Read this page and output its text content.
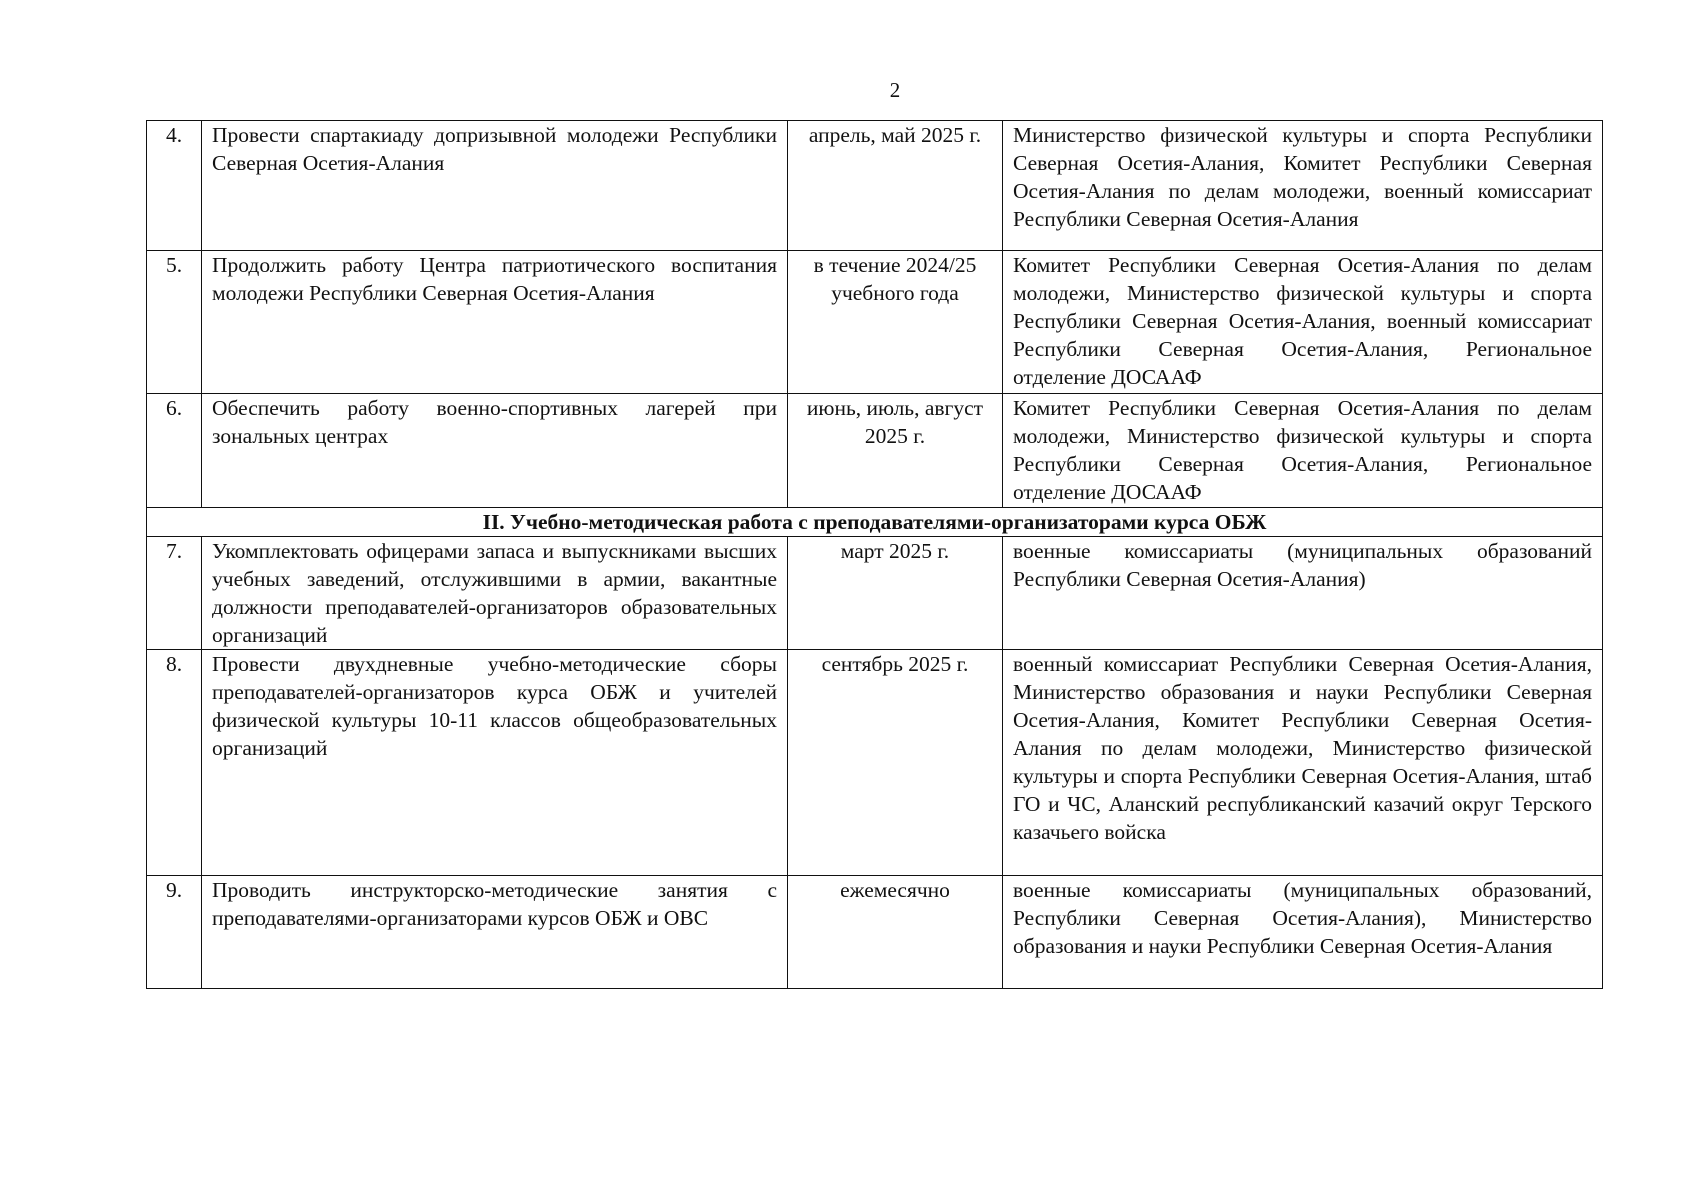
2
4.	Провести спартакиаду допризывной молодежи Республики Северная Осетия-Алания	апрель, май 2025 г.	Министерство физической культуры и спорта Республики Северная Осетия-Алания, Комитет Республики Северная Осетия-Алания по делам молодежи, военный комиссариат Республики Северная Осетия-Алания
5.	Продолжить работу Центра патриотического воспитания молодежи Республики Северная Осетия-Алания	в течение 2024/25 учебного года	Комитет Республики Северная Осетия-Алания по делам молодежи, Министерство физической культуры и спорта Республики Северная Осетия-Алания, военный комиссариат Республики Северная Осетия-Алания, Региональное отделение ДОСААФ
6.	Обеспечить работу военно-спортивных лагерей при зональных центрах	июнь, июль, август 2025 г.	Комитет Республики Северная Осетия-Алания по делам молодежи, Министерство физической культуры и спорта Республики Северная Осетия-Алания, Региональное отделение ДОСААФ
II. Учебно-методическая работа с преподавателями-организаторами курса ОБЖ			
7.	Укомплектовать офицерами запаса и выпускниками высших учебных заведений, отслужившими в армии, вакантные должности преподавателей-организаторов образовательных организаций	март 2025 г.	военные комиссариаты (муниципальных образований Республики Северная Осетия-Алания)
8.	Провести двухдневные учебно-методические сборы преподавателей-организаторов курса ОБЖ и учителей физической культуры 10-11 классов общеобразовательных организаций	сентябрь 2025 г.	военный комиссариат Республики Северная Осетия-Алания, Министерство образования и науки Республики Северная Осетия-Алания, Комитет Республики Северная Осетия-Алания по делам молодежи, Министерство физической культуры и спорта Республики Северная Осетия-Алания, штаб ГО и ЧС, Аланский республиканский казачий округ Терского казачьего войска
9.	Проводить инструкторско-методические занятия с преподавателями-организаторами курсов ОБЖ и ОВС	ежемесячно	военные комиссариаты (муниципальных образований, Республики Северная Осетия-Алания), Министерство образования и науки Республики Северная Осетия-Алания
